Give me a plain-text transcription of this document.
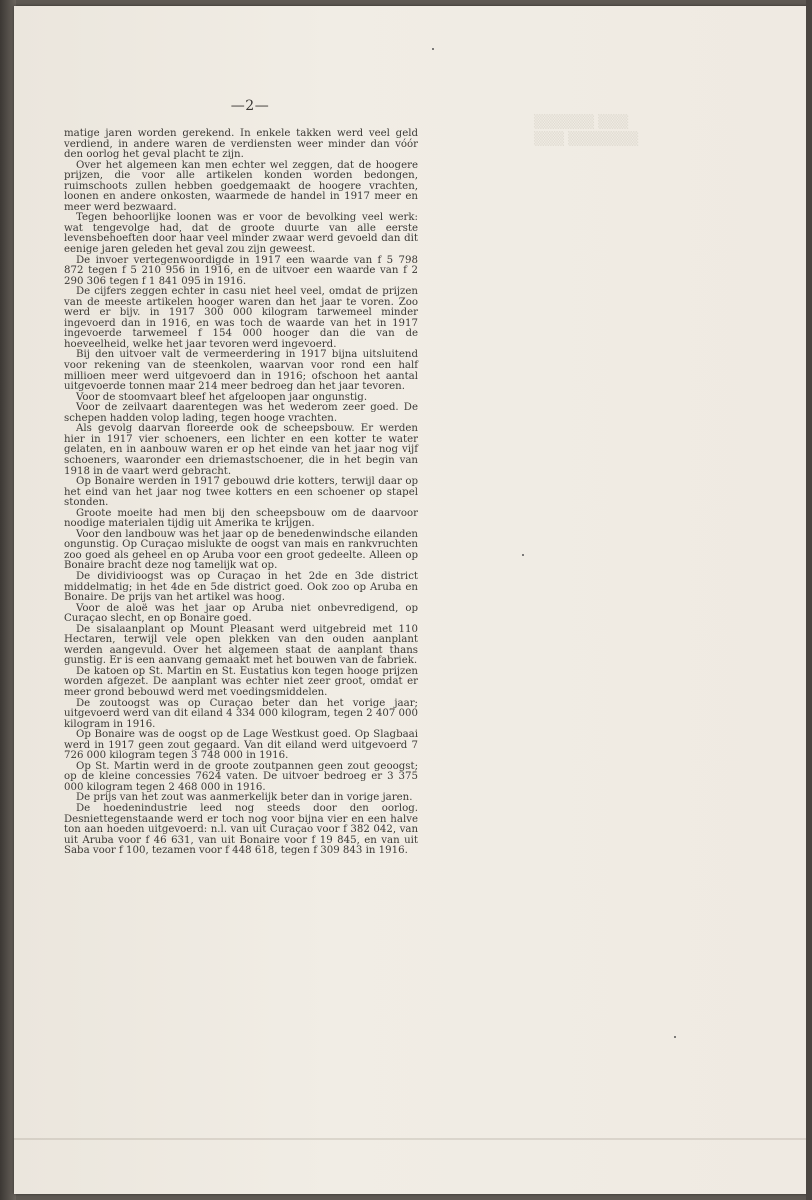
▒▒▒▒▒▒ ▒▒▒
▒▒▒ ▒▒▒▒▒▒▒
—2—

matige jaren worden gerekend. In enkele takken werd veel geld verdiend, in andere waren de verdiensten weer minder dan vóór den oorlog het geval placht te zijn.

Over het algemeen kan men echter wel zeggen, dat de hoogere prijzen, die voor alle artikelen konden worden bedongen, ruimschoots zullen hebben goedgemaakt de hoogere vrachten, loonen en andere onkosten, waarmede de handel in 1917 meer en meer werd bezwaard.

Tegen behoorlijke loonen was er voor de bevolking veel werk: wat tengevolge had, dat de groote duurte van alle eerste levensbehoeften door haar veel minder zwaar werd gevoeld dan dit eenige jaren geleden het geval zou zijn geweest.

De invoer vertegenwoordigde in 1917 een waarde van f 5 798 872 tegen f 5 210 956 in 1916, en de uitvoer een waarde van f 2 290 306 tegen f 1 841 095 in 1916.

De cijfers zeggen echter in casu niet heel veel, omdat de prijzen van de meeste artikelen hooger waren dan het jaar te voren. Zoo werd er bijv. in 1917 300 000 kilogram tarwemeel minder ingevoerd dan in 1916, en was toch de waarde van het in 1917 ingevoerde tarwemeel f 154 000 hooger dan die van de hoeveelheid, welke het jaar tevoren werd ingevoerd.

Bij den uitvoer valt de vermeerdering in 1917 bijna uitsluitend voor rekening van de steenkolen, waarvan voor rond een half millioen meer werd uitgevoerd dan in 1916; ofschoon het aantal uitgevoerde tonnen maar 214 meer bedroeg dan het jaar tevoren.

Voor de stoomvaart bleef het afgeloopen jaar ongunstig.

Voor de zeilvaart daarentegen was het wederom zeer goed. De schepen hadden volop lading, tegen hooge vrachten.

Als gevolg daarvan floreerde ook de scheepsbouw. Er werden hier in 1917 vier schoeners, een lichter en een kotter te water gelaten, en in aanbouw waren er op het einde van het jaar nog vijf schoeners, waaronder een driemastschoener, die in het begin van 1918 in de vaart werd gebracht.

Op Bonaire werden in 1917 gebouwd drie kotters, terwijl daar op het eind van het jaar nog twee kotters en een schoener op stapel stonden.

Groote moeite had men bij den scheepsbouw om de daarvoor noodige materialen tijdig uit Amerika te krijgen.

Voor den landbouw was het jaar op de benedenwindsche eilanden ongunstig. Op Curaçao mislukte de oogst van mais en rankvruchten zoo goed als geheel en op Aruba voor een groot gedeelte. Alleen op Bonaire bracht deze nog tamelijk wat op.

De dividivioogst was op Curaçao in het 2de en 3de district middelmatig; in het 4de en 5de district goed. Ook zoo op Aruba en Bonaire. De prijs van het artikel was hoog.

Voor de aloë was het jaar op Aruba niet onbevredigend, op Curaçao slecht, en op Bonaire goed.

De sisalaanplant op Mount Pleasant werd uitgebreid met 110 Hectaren, terwijl vele open plekken van den ouden aanplant werden aangevuld. Over het algemeen staat de aanplant thans gunstig. Er is een aanvang gemaakt met het bouwen van de fabriek.

De katoen op St. Martin en St. Eustatius kon tegen hooge prijzen worden afgezet. De aanplant was echter niet zeer groot, omdat er meer grond bebouwd werd met voedingsmiddelen.

De zoutoogst was op Curaçao beter dan het vorige jaar; uitgevoerd werd van dit eiland 4 334 000 kilogram, tegen 2 407 000 kilogram in 1916.

Op Bonaire was de oogst op de Lage Westkust goed. Op Slagbaai werd in 1917 geen zout gegaard. Van dit eiland werd uitgevoerd 7 726 000 kilogram tegen 3 748 000 in 1916.

Op St. Martin werd in de groote zoutpannen geen zout geoogst; op de kleine concessies 7624 vaten. De uitvoer bedroeg er 3 375 000 kilogram tegen 2 468 000 in 1916.

De prijs van het zout was aanmerkelijk beter dan in vorige jaren.

De hoedenindustrie leed nog steeds door den oorlog. Desniettegenstaande werd er toch nog voor bijna vier en een halve ton aan hoeden uitgevoerd: n.l. van uit Curaçao voor f 382 042, van uit Aruba voor f 46 631, van uit Bonaire voor f 19 845, en van uit Saba voor f 100, tezamen voor f 448 618, tegen f 309 843 in 1916.
